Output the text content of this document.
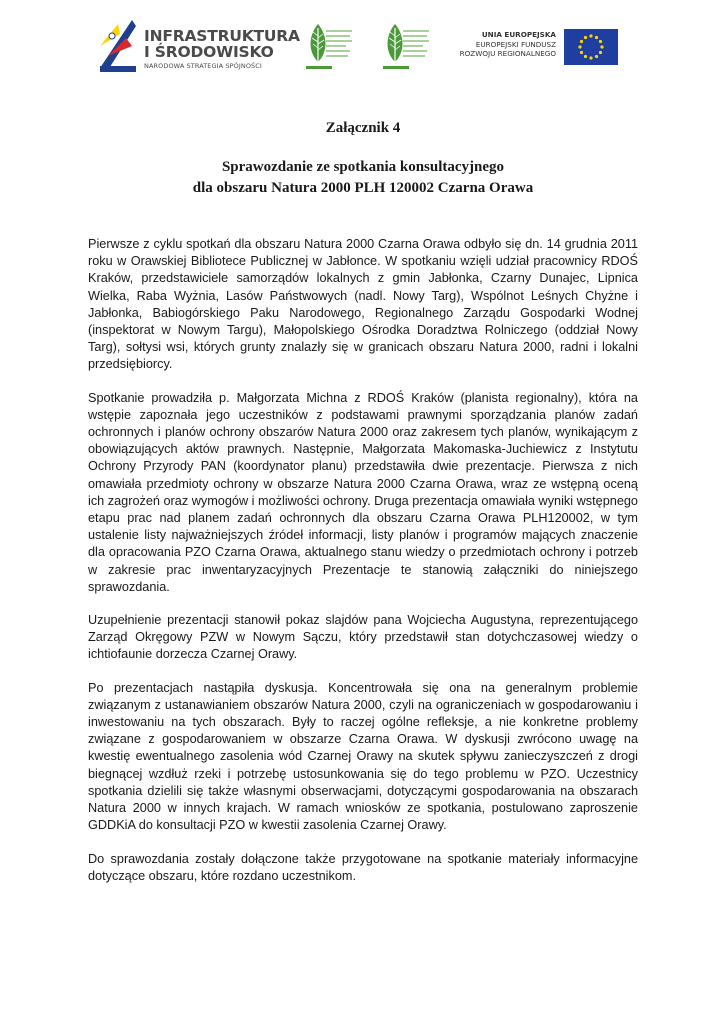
INFRASTRUKTURA
I ŚRODOWISKO
NARODOWA STRATEGIA SPÓJNOŚCI
UNIA EUROPEJSKA
EUROPEJSKI FUNDUSZ
ROZWOJU REGIONALNEGO

Załącznik 4

Sprawozdanie ze spotkania konsultacyjnego
dla obszaru Natura 2000 PLH 120002 Czarna Orawa

Pierwsze z cyklu spotkań dla obszaru Natura 2000 Czarna Orawa odbyło się dn. 14 grudnia 2011 roku w Orawskiej Bibliotece Publicznej w Jabłonce. W spotkaniu wzięli udział pracownicy RDOŚ Kraków, przedstawiciele samorządów lokalnych z gmin Jabłonka, Czarny Dunajec, Lipnica Wielka, Raba Wyżnia, Lasów Państwowych (nadl. Nowy Targ), Wspólnot Leśnych Chyżne i Jabłonka, Babiogórskiego Paku Narodowego, Regionalnego Zarządu Gospodarki Wodnej (inspektorat w Nowym Targu), Małopolskiego Ośrodka Doradztwa Rolniczego (oddział Nowy Targ), sołtysi wsi, których grunty znalazły się w granicach obszaru Natura 2000, radni i lokalni przedsiębiorcy.

Spotkanie prowadziła p. Małgorzata Michna z RDOŚ Kraków (planista regionalny), która na wstępie zapoznała jego uczestników z podstawami prawnymi sporządzania planów zadań ochronnych i planów ochrony obszarów Natura 2000 oraz zakresem tych planów, wynikającym z obowiązujących aktów prawnych. Następnie, Małgorzata Makomaska-Juchiewicz z Instytutu Ochrony Przyrody PAN (koordynator planu) przedstawiła dwie prezentacje. Pierwsza z nich omawiała przedmioty ochrony w obszarze Natura 2000 Czarna Orawa, wraz ze wstępną oceną ich zagrożeń oraz wymogów i możliwości ochrony. Druga prezentacja omawiała wyniki wstępnego etapu prac nad planem zadań ochronnych dla obszaru Czarna Orawa PLH120002, w tym ustalenie listy najważniejszych źródeł informacji, listy planów i programów mających znaczenie dla opracowania PZO Czarna Orawa, aktualnego stanu wiedzy o przedmiotach ochrony i potrzeb w zakresie prac inwentaryzacyjnych Prezentacje te stanowią załączniki do niniejszego sprawozdania.

Uzupełnienie prezentacji stanowił pokaz slajdów pana Wojciecha Augustyna, reprezentującego Zarząd Okręgowy PZW w Nowym Sączu, który przedstawił stan dotychczasowej wiedzy o ichtiofaunie dorzecza Czarnej Orawy.

Po prezentacjach nastąpiła dyskusja. Koncentrowała się ona na generalnym problemie związanym z ustanawianiem obszarów Natura 2000, czyli na ograniczeniach w gospodarowaniu i inwestowaniu na tych obszarach. Były to raczej ogólne refleksje, a nie konkretne problemy związane z gospodarowaniem w obszarze Czarna Orawa. W dyskusji zwrócono uwagę na kwestię ewentualnego zasolenia wód Czarnej Orawy na skutek spływu zanieczyszczeń z drogi biegnącej wzdłuż rzeki i potrzebę ustosunkowania się do tego problemu w PZO. Uczestnicy spotkania dzielili się także własnymi obserwacjami, dotyczącymi gospodarowania na obszarach Natura 2000 w innych krajach. W ramach wniosków ze spotkania, postulowano zaproszenie GDDKiA do konsultacji PZO w kwestii zasolenia Czarnej Orawy.

Do sprawozdania zostały dołączone także przygotowane na spotkanie materiały informacyjne dotyczące obszaru, które rozdano uczestnikom.
